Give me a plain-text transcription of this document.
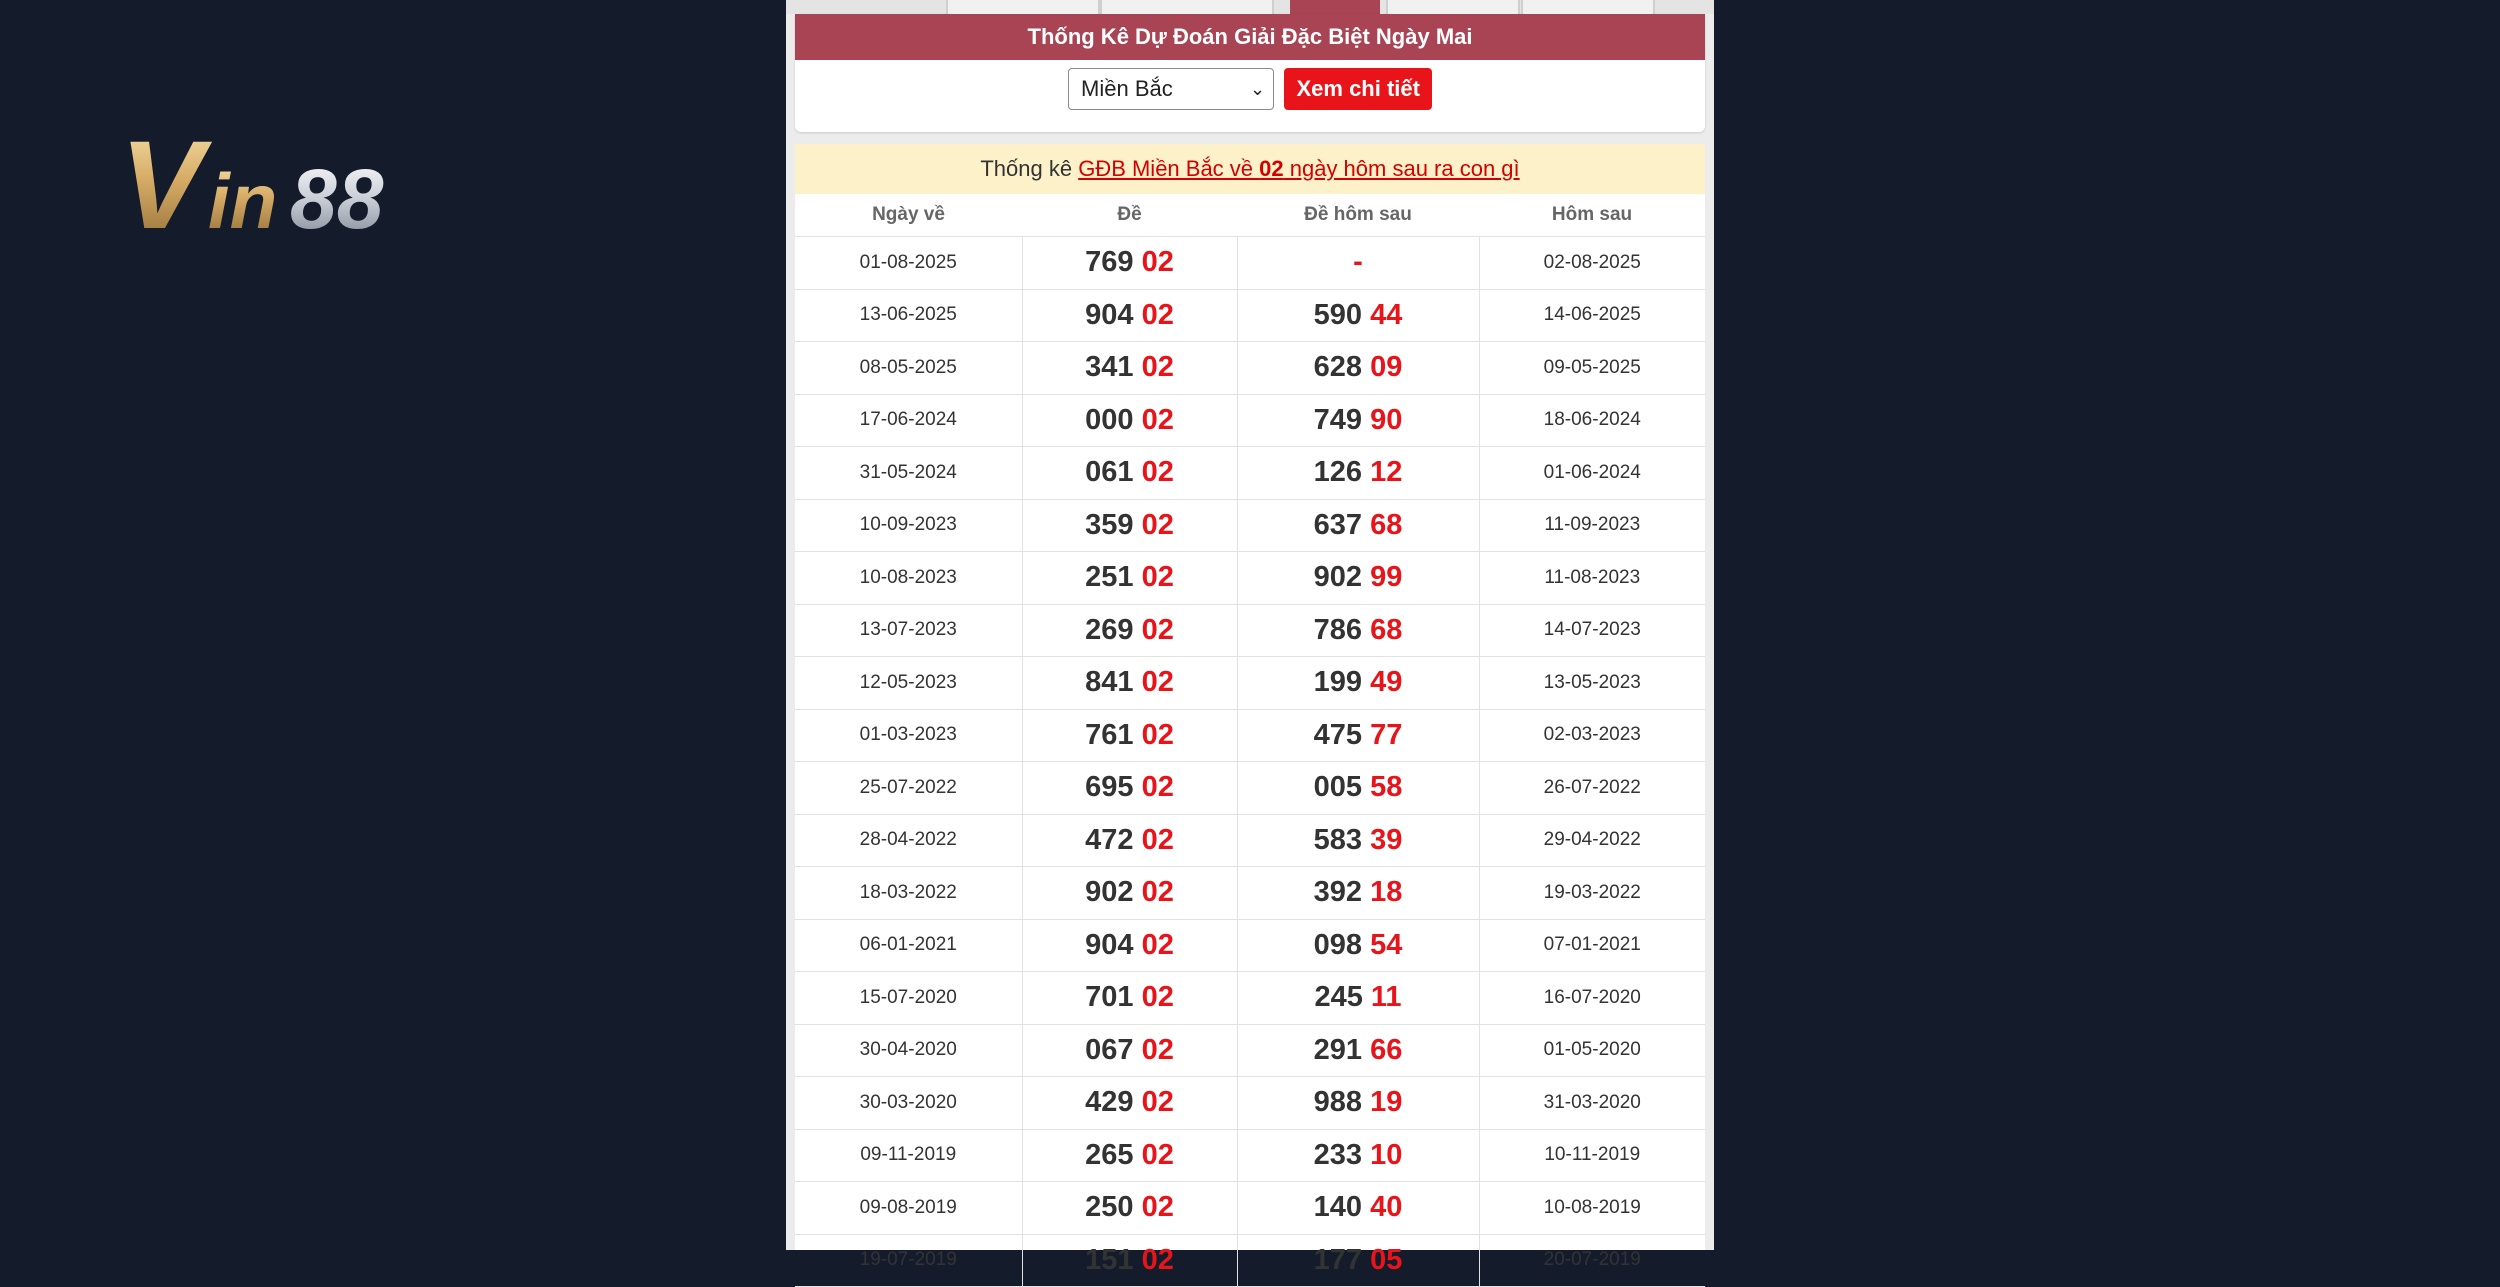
V in 88
Thống Kê Dự Đoán Giải Đặc Biệt Ngày Mai
Miền Bắc	⌄ Xem chi tiết
Thống kê GĐB Miền Bắc về 02 ngày hôm sau ra con gì
Ngày về	Đề	Đề hôm sau	Hôm sau
01-08-2025	769 02	-	02-08-2025
13-06-2025	904 02	590 44	14-06-2025
08-05-2025	341 02	628 09	09-05-2025
17-06-2024	000 02	749 90	18-06-2024
31-05-2024	061 02	126 12	01-06-2024
10-09-2023	359 02	637 68	11-09-2023
10-08-2023	251 02	902 99	11-08-2023
13-07-2023	269 02	786 68	14-07-2023
12-05-2023	841 02	199 49	13-05-2023
01-03-2023	761 02	475 77	02-03-2023
25-07-2022	695 02	005 58	26-07-2022
28-04-2022	472 02	583 39	29-04-2022
18-03-2022	902 02	392 18	19-03-2022
06-01-2021	904 02	098 54	07-01-2021
15-07-2020	701 02	245 11	16-07-2020
30-04-2020	067 02	291 66	01-05-2020
30-03-2020	429 02	988 19	31-03-2020
09-11-2019	265 02	233 10	10-11-2019
09-08-2019	250 02	140 40	10-08-2019
19-07-2019	151 02	177 05	20-07-2019
